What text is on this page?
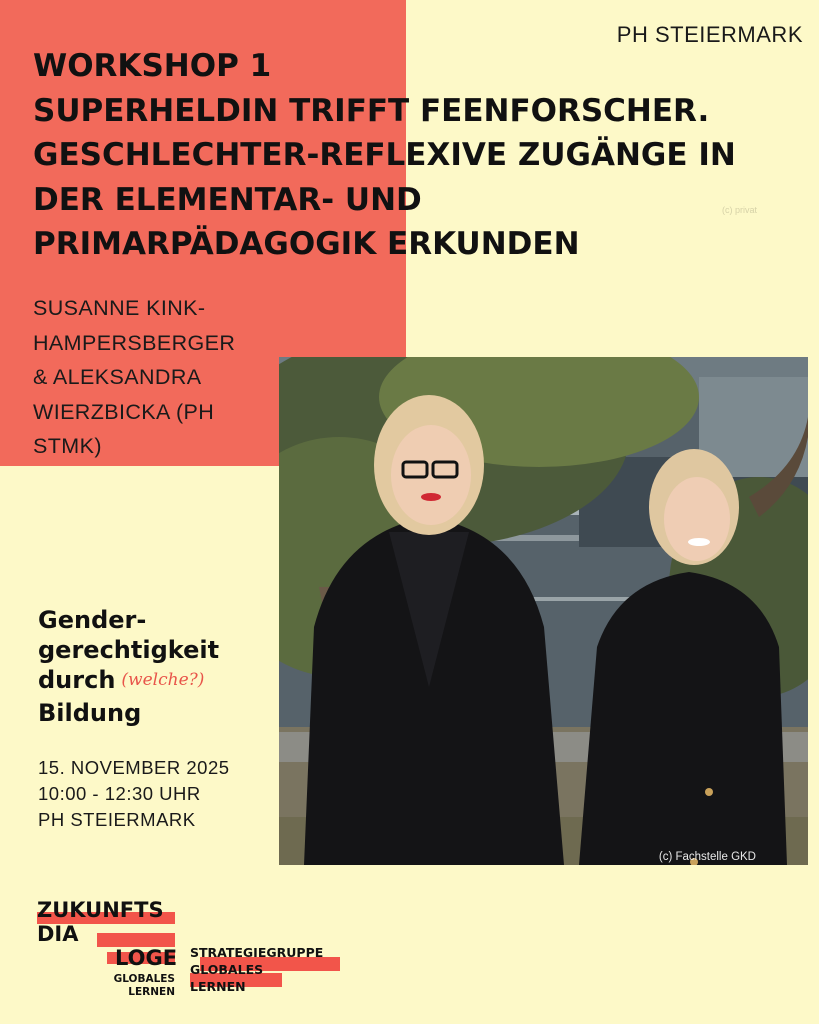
PH STEIERMARK
WORKSHOP 1
SUPERHELDIN TRIFFT FEENFORSCHER.
GESCHLECHTER-REFLEXIVE ZUGÄNGE IN
DER ELEMENTAR- UND
PRIMARPÄDAGOGIK ERKUNDEN
(c) privat
SUSANNE KINK-
HAMPERSBERGER
& ALEKSANDRA
WIERZBICKA (PH
STMK)
(c) Fachstelle GKD
Gender-
gerechtigkeit
durch (welche?)
Bildung
15. NOVEMBER 2025
10:00 - 12:30 UHR
PH STEIERMARK
ZUKUNFTS
DIA
LOGE
GLOBALES
LERNEN
STRATEGIEGRUPPE
GLOBALES
LERNEN
